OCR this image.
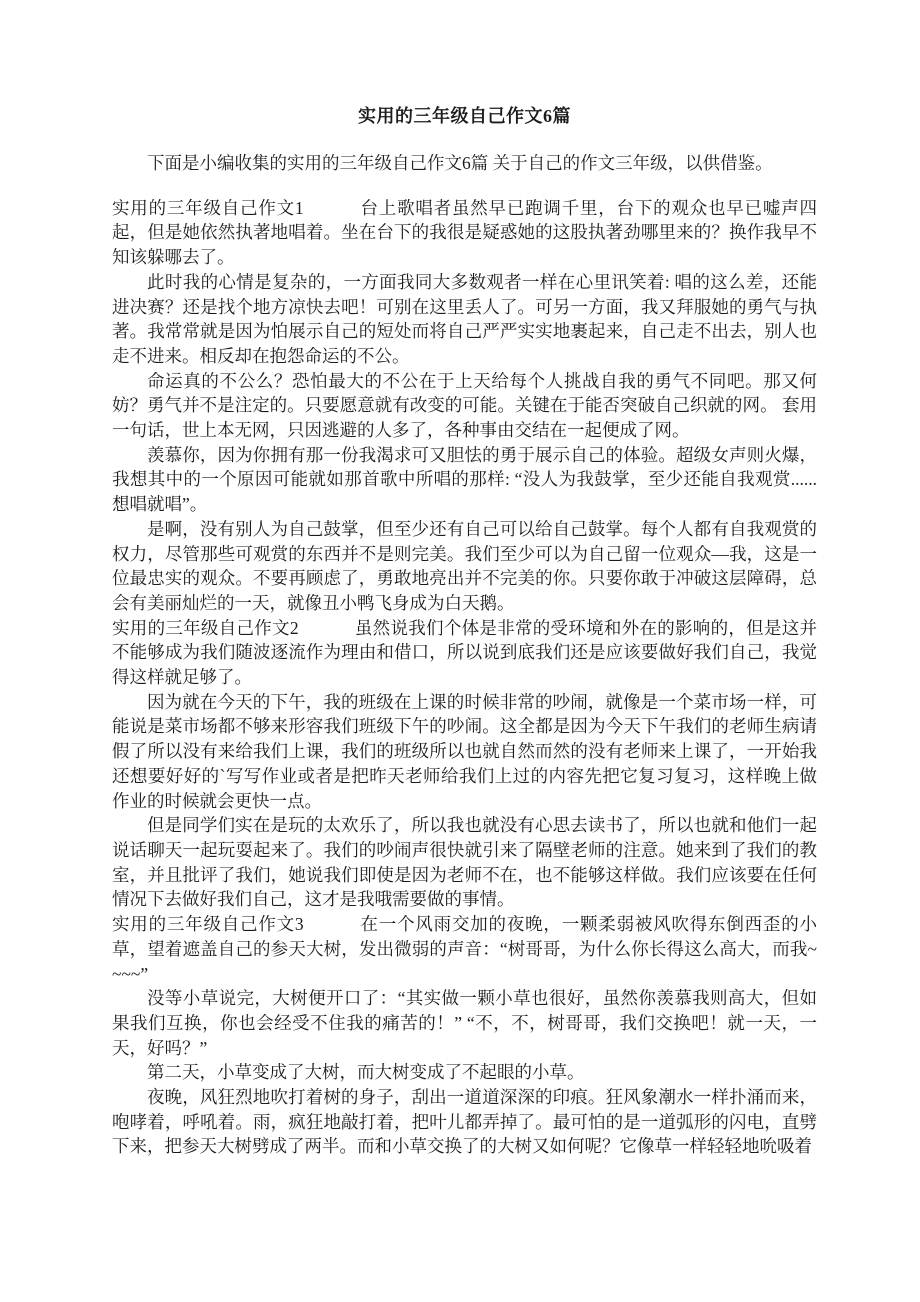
实用的三年级自己作文6篇

下面是小编收集的实用的三年级自己作文6篇 关于自己的作文三年级，以供借鉴。

实用的三年级自己作文1	台上歌唱者虽然早已跑调千里，台下的观众也早已嘘声四起，但是她依然执著地唱着。坐在台下的我很是疑惑她的这股执著劲哪里来的？换作我早不知该躲哪去了。

此时我的心情是复杂的，一方面我同大多数观者一样在心里讯笑着: 唱的这么差，还能进决赛？还是找个地方凉快去吧！可别在这里丢人了。可另一方面，我又拜服她的勇气与执著。我常常就是因为怕展示自己的短处而将自己严严实实地裹起来，自己走不出去，别人也走不进来。相反却在抱怨命运的不公。

命运真的不公么？恐怕最大的不公在于上天给每个人挑战自我的勇气不同吧。那又何妨？勇气并不是注定的。只要愿意就有改变的可能。关键在于能否突破自己织就的网。 套用一句话，世上本无网，只因逃避的人多了，各种事由交结在一起便成了网。

羡慕你，因为你拥有那一份我渴求可又胆怯的勇于展示自己的体验。超级女声则火爆，我想其中的一个原因可能就如那首歌中所唱的那样: “没人为我鼓掌，至少还能自我观赏......想唱就唱”。

是啊，没有别人为自己鼓掌，但至少还有自己可以给自己鼓掌。每个人都有自我观赏的权力，尽管那些可观赏的东西并不是则完美。我们至少可以为自己留一位观众—我，这是一位最忠实的观众。不要再顾虑了，勇敢地亮出并不完美的你。只要你敢于冲破这层障碍，总会有美丽灿烂的一天，就像丑小鸭飞身成为白天鹅。

实用的三年级自己作文2	虽然说我们个体是非常的受环境和外在的影响的，但是这并不能够成为我们随波逐流作为理由和借口，所以说到底我们还是应该要做好我们自己，我觉得这样就足够了。

因为就在今天的下午，我的班级在上课的时候非常的吵闹，就像是一个菜市场一样，可能说是菜市场都不够来形容我们班级下午的吵闹。这全都是因为今天下午我们的老师生病请假了所以没有来给我们上课，我们的班级所以也就自然而然的没有老师来上课了，一开始我还想要好好的`写写作业或者是把昨天老师给我们上过的内容先把它复习复习，这样晚上做作业的时候就会更快一点。

但是同学们实在是玩的太欢乐了，所以我也就没有心思去读书了，所以也就和他们一起说话聊天一起玩耍起来了。我们的吵闹声很快就引来了隔壁老师的注意。她来到了我们的教室，并且批评了我们，她说我们即使是因为老师不在，也不能够这样做。我们应该要在任何情况下去做好我们自己，这才是我哦需要做的事情。

实用的三年级自己作文3	在一个风雨交加的夜晚，一颗柔弱被风吹得东倒西歪的小草，望着遮盖自己的参天大树，发出微弱的声音：“树哥哥，为什么你长得这么高大，而我~~~~”

没等小草说完，大树便开口了：“其实做一颗小草也很好，虽然你羡慕我则高大，但如果我们互换，你也会经受不住我的痛苦的！” “不，不，树哥哥，我们交换吧！就一天，一天，好吗？”

第二天，小草变成了大树，而大树变成了不起眼的小草。

夜晚，风狂烈地吹打着树的身子，刮出一道道深深的印痕。狂风象潮水一样扑涌而来，咆哮着，呼吼着。雨，疯狂地敲打着，把叶儿都弄掉了。最可怕的是一道弧形的闪电，直劈下来，把参天大树劈成了两半。而和小草交换了的大树又如何呢？它像草一样轻轻地吮吸着
